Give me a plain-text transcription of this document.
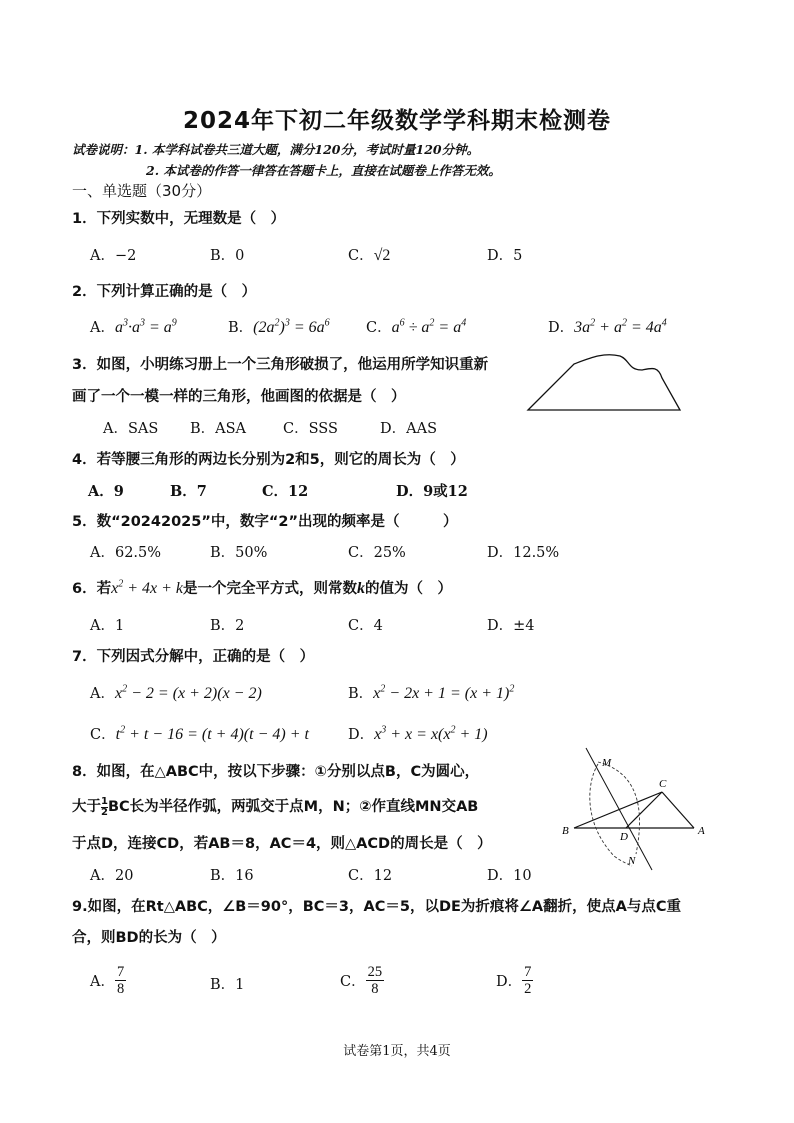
2024年下初二年级数学学科期末检测卷
试卷说明：1. 本学科试卷共三道大题，满分120分，考试时量120分钟。
2. 本试卷的作答一律答在答题卡上，直接在试题卷上作答无效。
一、单选题（30分）
1．下列实数中，无理数是（　）
A．−2	B．0	C．√2	D．5
2．下列计算正确的是（　）
A．$a^3\cdot a^3 = a^9$	B．$(2a^2)^3 = 6a^6$	C．$a^6 \div a^2 = a^4$	D．$3a^2 + a^2 = 4a^4$
3．如图，小明练习册上一个三角形破损了，他运用所学知识重新
画了一个一模一样的三角形，他画图的依据是（　）
A．SAS B．ASA	C．SSS	D．AAS
4．若等腰三角形的两边长分别为2和5，则它的周长为（　）
A．9	B．7	C．12	D．9或12
5．数“20242025”中，数字“2”出现的频率是（　　　）
A．62.5%	B．50%	C．25%	D．12.5%
6．若$x^2 + 4x + k$是一个完全平方式，则常数k的值为（　）
A．1	B．2	C．4	D．±4
7．下列因式分解中，正确的是（　）
A．$x^2 - 2 = (x + 2)(x - 2)$	B．$x^2 - 2x + 1 = (x + 1)^2$
C．$t^2 + t - 16 = (t + 4)(t - 4) + t$	D．$x^3 + x = x(x^2 + 1)$
8．如图，在△ABC中，按以下步骤：①分别以点B，C为圆心，
大于 $\frac{1}{2}BC$长为半径作弧，两弧交于点M，N；②作直线MN交AB
于点D，连接CD，若AB＝8，AC＝4，则△ACD的周长是（　）
A．20	B．16	C．12	D．10
M
C
B	D	A
N
9.如图，在Rt△ABC，∠B＝90°，BC＝3，AC＝5，以DE为折痕将∠A翻折，使点A与点C重
合，则BD的长为（　）
A． $\frac{7}{8}$	B．1	C． $\frac{25}{8}$	D． $\frac{7}{2}$
试卷第1页，共4页
